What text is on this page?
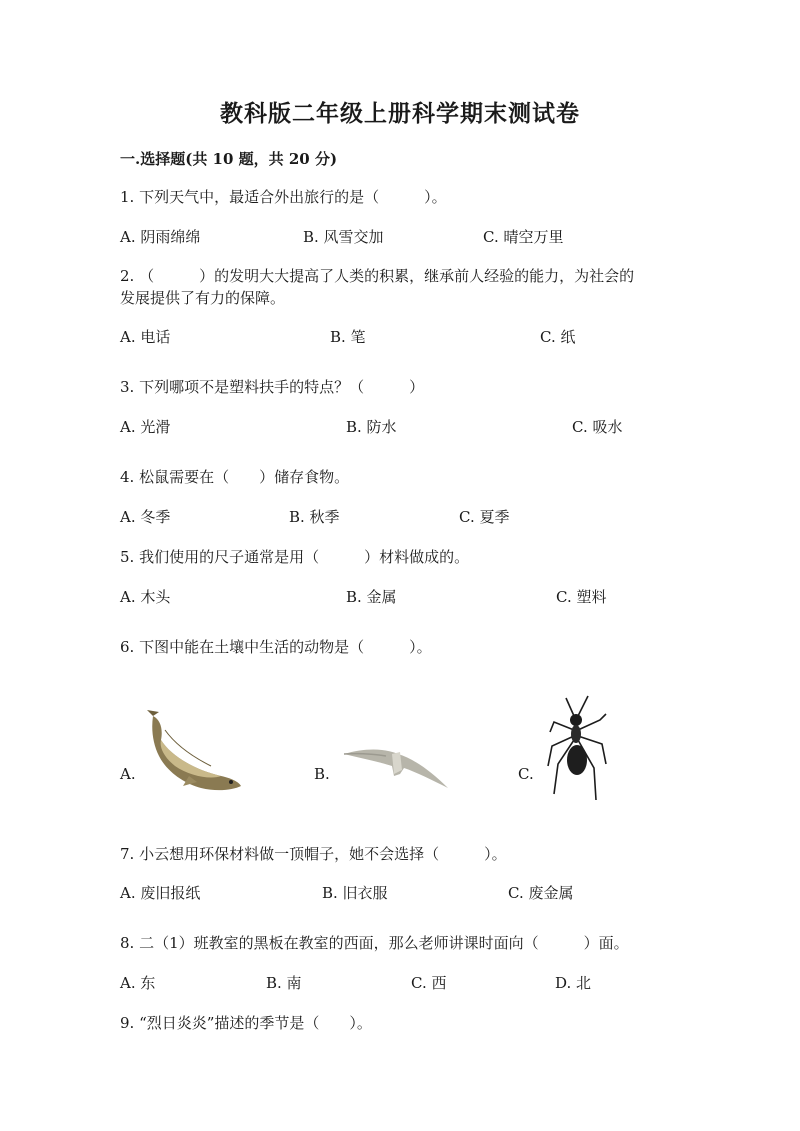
教科版二年级上册科学期末测试卷
一.选择题(共 10 题，共 20 分)
1. 下列天气中，最适合外出旅行的是（　　　）。
A. 阴雨绵绵	B. 风雪交加	C. 晴空万里
2. （　　　）的发明大大提高了人类的积累，继承前人经验的能力，为社会的
发展提供了有力的保障。
A. 电话	B. 笔	C. 纸
3. 下列哪项不是塑料扶手的特点？（　　　）
A. 光滑	B. 防水	C. 吸水
4. 松鼠需要在（　　）储存食物。
A. 冬季	B. 秋季	C. 夏季
5. 我们使用的尺子通常是用（　　　）材料做成的。
A. 木头	B. 金属	C. 塑料
6. 下图中能在土壤中生活的动物是（　　　）。
A.	B.	C.
7. 小云想用环保材料做一顶帽子，她不会选择（　　　）。
A. 废旧报纸	B. 旧衣服	C. 废金属
8. 二（1）班教室的黑板在教室的西面，那么老师讲课时面向（　　　）面。
A. 东	B. 南	C. 西	D. 北
9. “烈日炎炎”描述的季节是（　　）。
